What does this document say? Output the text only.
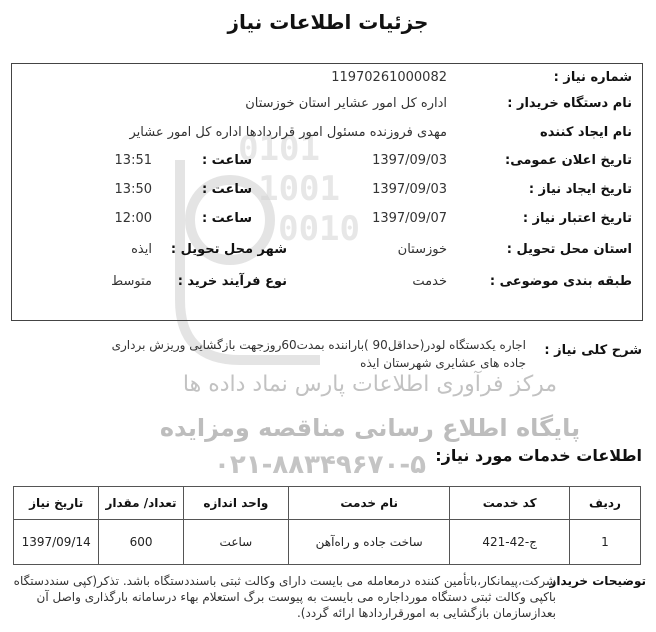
0101
1001
0010
مرکز فرآوری اطلاعات پارس نماد داده ها
پایگاه اطلاع رسانی مناقصه ومزایده
۰۲۱-۸۸۳۴۹۶۷۰-۵
جزئیات اطلاعات نیاز
شماره نیاز :
11970261000082
نام دستگاه خریدار :
اداره کل امور عشایر استان خوزستان
نام ایجاد کننده
مهدی فروزنده مسئول امور قراردادها اداره کل امور عشایر
تاریخ اعلان عمومی:
1397/09/03
ساعت :
13:51
تاریخ ایجاد نیاز :
1397/09/03
ساعت :
13:50
تاریخ اعتبار نیاز :
1397/09/07
ساعت :
12:00
استان محل تحویل :
خوزستان
شهر محل تحویل :
ایذه
طبقه بندی موضوعی :
خدمت
نوع فرآیند خرید :
متوسط
شرح کلی نیاز :
اجاره یکدستگاه لودر(حداقل90 )باراننده بمدت60روزجهت بازگشایی وریزش برداری جاده های عشایری شهرستان ایذه
اطلاعات خدمات مورد نیاز:
ردیف	کد خدمت	نام خدمت	واحد اندازه	تعداد/ مقدار	تاریخ نیاز
1	ج-42-421	ساخت جاده و راه‌آهن	ساعت	600	1397/09/14
توضیحات خریدار
شرکت،پیمانکار،باتأمین کننده درمعامله می بایست دارای وکالت ثبتی باسنددستگاه باشد. تذکر(کپی سنددستگاه باکپی وکالت ثبتی دستگاه مورداجاره می بایست به پیوست برگ استعلام بهاء درسامانه بارگذاری واصل آن بعدازسازمان بازگشایی به امورقراردادها ارائه گردد).
